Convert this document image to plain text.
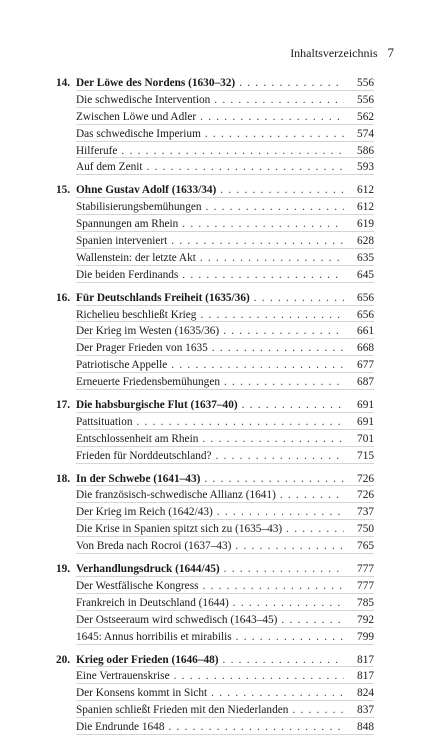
Inhaltsverzeichnis 7
14. Der Löwe des Nordens (1630–32) . . .	556
Die schwedische Intervention . . .	556
Zwischen Löwe und Adler . . .	562
Das schwedische Imperium . . .	574
Hilferufe . . .	586
Auf dem Zenit . . .	593
15. Ohne Gustav Adolf (1633/34) . . .	612
Stabilisierungsbemühungen . . .	612
Spannungen am Rhein . . .	619
Spanien interveniert . . .	628
Wallenstein: der letzte Akt . . .	635
Die beiden Ferdinands . . .	645
16. Für Deutschlands Freiheit (1635/36) . . .	656
Richelieu beschließt Krieg . . .	656
Der Krieg im Westen (1635/36) . . .	661
Der Prager Frieden von 1635 . . .	668
Patriotische Appelle . . .	677
Erneuerte Friedensbemühungen . . .	687
17. Die habsburgische Flut (1637–40) . . .	691
Pattsituation . . .	691
Entschlossenheit am Rhein . . .	701
Frieden für Norddeutschland? . . .	715
18. In der Schwebe (1641–43) . . .	726
Die französisch-schwedische Allianz (1641) . . .	726
Der Krieg im Reich (1642/43) . . .	737
Die Krise in Spanien spitzt sich zu (1635–43) . . .	750
Von Breda nach Rocroi (1637–43) . . .	765
19. Verhandlungsdruck (1644/45) . . .	777
Der Westfälische Kongress . . .	777
Frankreich in Deutschland (1644) . . .	785
Der Ostseeraum wird schwedisch (1643–45) . . .	792
1645: Annus horribilis et mirabilis . . .	799
20. Krieg oder Frieden (1646–48) . . .	817
Eine Vertrauenskrise . . .	817
Der Konsens kommt in Sicht . . .	824
Spanien schließt Frieden mit den Niederlanden . . .	837
Die Endrunde 1648 . . .	848
